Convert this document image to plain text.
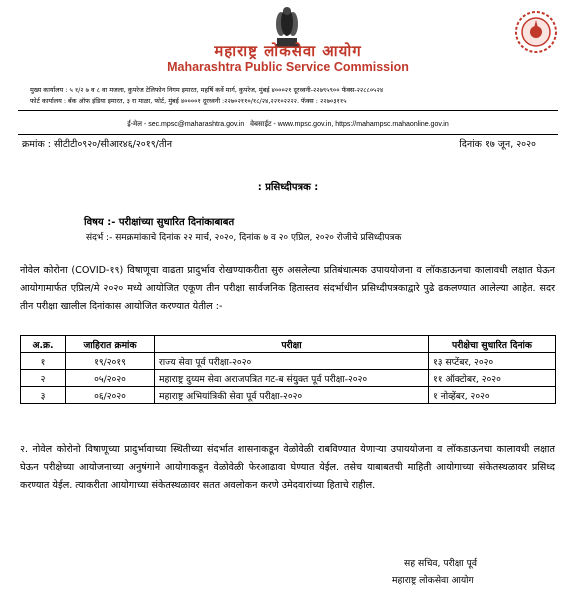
महाराष्ट्र लोकसेवा आयोग
Maharashtra Public Service Commission
मुख्य कार्यालय : ५ १/२ ७ व ८ वा मजला, कुपरेज टेलिफोन निगम इमारत, महर्षि कर्वे मार्ग, कुपरेज, मुंबई ४०००२१ दूरध्वनी-२२७९५९०० फॅक्स-२२८८०५२४
फोर्ट कार्यालय : बँक ऑफ इंडिया इमारत, ३ रा माळा, फोर्ट, मुंबई ४००००१ दूरध्वनी :२२७०२११०/१८/२४,२२१०२२२२. फॅक्स : २२७०३११५
ई-मेल - sec.mpsc@maharashtra.gov.in वेबसाईट - www.mpsc.gov.in, https://mahampsc.mahaonline.gov.in
क्रमांक : सीटीटी०९२०/सीआर४६/२०१९/तीन	दिनांक १७ जून, २०२०
: प्रसिध्दीपत्रक :
विषय :- परीक्षांच्या सुधारित दिनांकाबाबत
संदर्भ :- समक्रमांकाचे दिनांक २२ मार्च, २०२०, दिनांक ७ व २० एप्रिल, २०२० रोजीचे प्रसिध्दीपत्रक
नोवेल कोरोना (COVID-१९) विषाणूचा वाढता प्रादुर्भाव रोखण्याकरीता सुरु असलेल्या प्रतिबंधात्मक उपाययोजना व लॉकडाऊनचा कालावधी लक्षात घेऊन आयोगामार्फत एप्रिल/मे २०२० मध्ये आयोजित एकूण तीन परीक्षा सार्वजनिक हितास्तव संदर्भाधीन प्रसिध्दीपत्रकाद्वारे पुढे ढकलण्यात आलेल्या आहेत. सदर तीन परीक्षा खालील दिनांकास आयोजित करण्यात येतील :-
अ.क्र.	जाहिरात क्रमांक	परीक्षा	परीक्षेचा सुधारित दिनांक
१	१९/२०१९	राज्य सेवा पूर्व परीक्षा-२०२०	१३ सप्टेंबर, २०२०
२	०५/२०२०	महाराष्ट्र दुय्यम सेवा अराजपत्रित गट-ब संयुक्त पूर्व परीक्षा-२०२०	११ ऑक्टोबर, २०२०
३	०६/२०२०	महाराष्ट्र अभियांत्रिकी सेवा पूर्व परीक्षा-२०२०	१ नोव्हेंबर, २०२०
२. नोवेल कोरोनो विषाणूच्या प्रादुर्भावाच्या स्थितीच्या संदर्भात शासनाकडून वेळोवेळी राबविण्यात येणाऱ्या उपाययोजना व लॉकडाऊनचा कालावधी लक्षात घेऊन परीक्षेच्या आयोजनाच्या अनुषंगाने आयोगाकडून वेळोवेळी फेरआढावा घेण्यात येईल. तसेच याबाबतची माहिती आयोगाच्या संकेतस्थळावर प्रसिध्द करण्यात येईल. त्याकरीता आयोगाच्या संकेतस्थळावर सतत अवलोकन करणे उमेदवारांच्या हिताचे राहील.
सह सचिव, परीक्षा पूर्व
महाराष्ट्र लोकसेवा आयोग
